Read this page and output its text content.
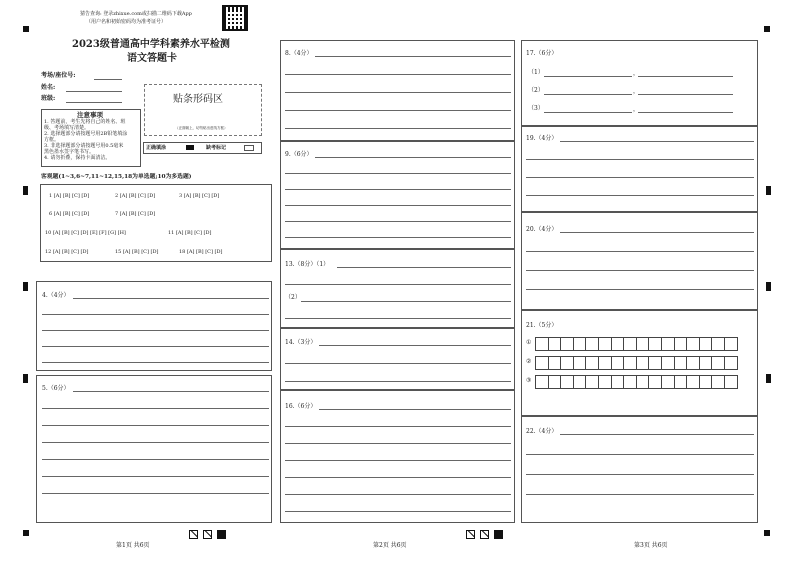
猜告查询: 登录zhixue.com或扫描二维码下载App
（用户名和初始密码均为准考证号）
2023级普通高中学科素养水平检测
语文答题卡
考场/座位号:
姓名:
班级:	贴条形码区
（正面朝上，切勿贴出虚线方框）
注意事项
1. 答题前，考生先将自己的姓名、班
级、考场填写清楚。
2. 选择题部分请按题号用2B铅笔填涂
方框。
3. 非选择题部分请按题号用0.5毫米
黑色墨水签字笔书写。
4. 请勿折叠，保持卡面清洁。
正确填涂	缺考标记
客观题(1~3,6~7,11~12,15,18为单选题;10为多选题)
1 [A] [B] [C] [D]	2 [A] [B] [C] [D]	3 [A] [B] [C] [D]
6 [A] [B] [C] [D]	7 [A] [B] [C] [D]
10 [A] [B] [C] [D] [E] [F] [G] [H]	11 [A] [B] [C] [D]
12 [A] [B] [C] [D]	15 [A] [B] [C] [D]	18 [A] [B] [C] [D]
4.（4分）
5.（6分）
8.（4分）
9.（6分）
13.（8分）（1）
（2）
14.（3分）
16.（6分）
17.（6分）
（1）	，
（2）	，
（3）	，
19.（4分）
20.（4分）
21.（5分）
①
②
③
22.（4分）
第1页 共6页	第2页 共6页	第3页 共6页
